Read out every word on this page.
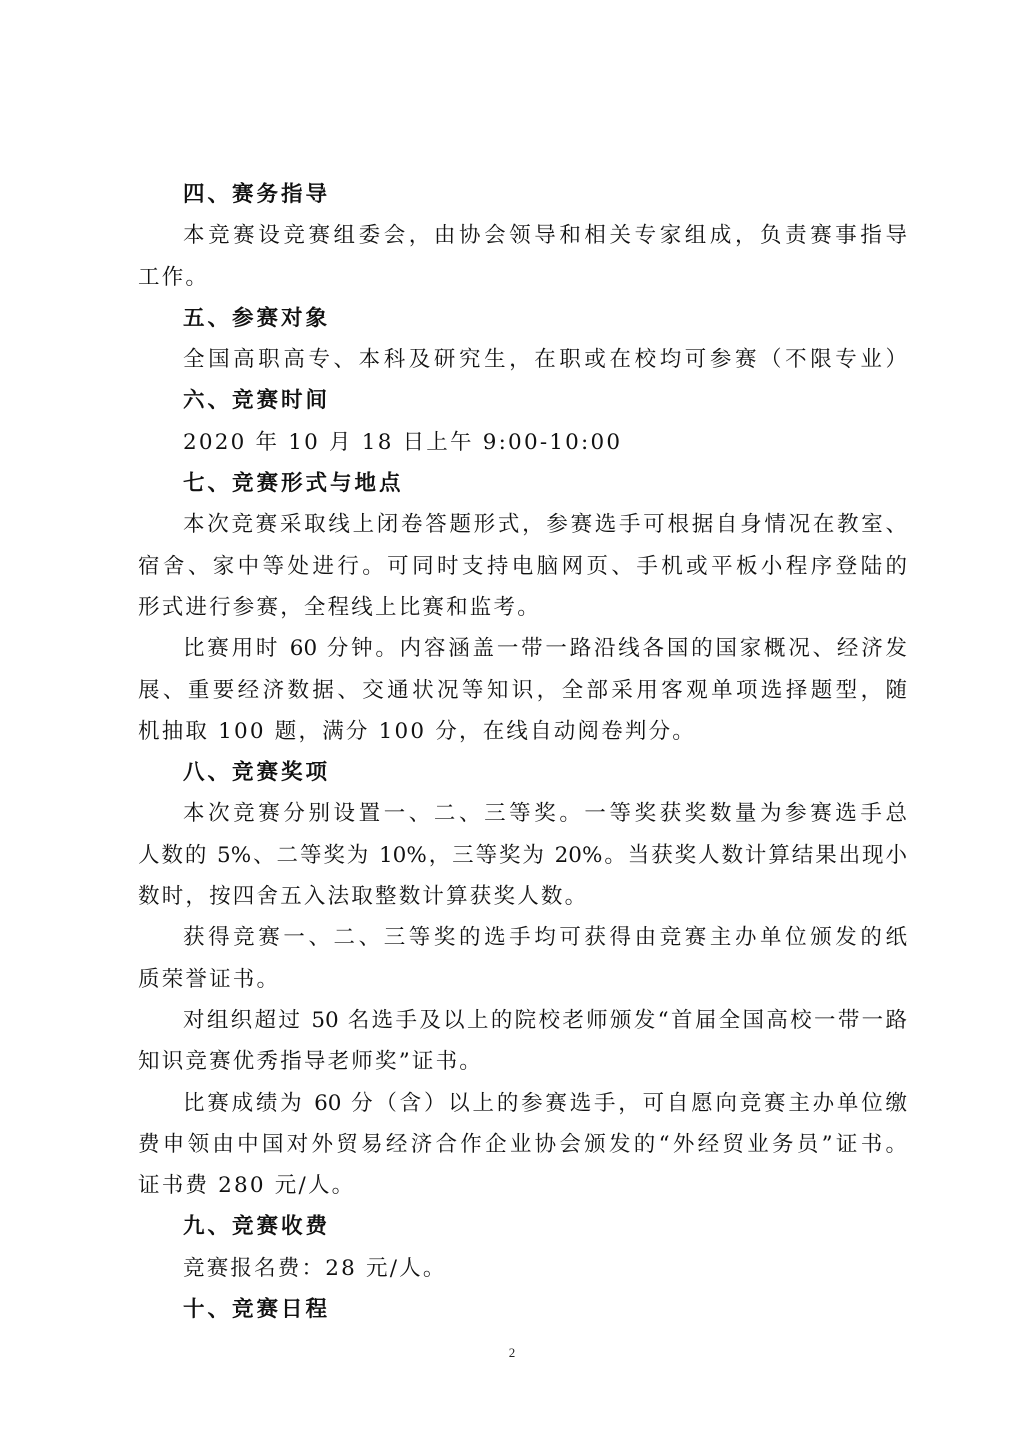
四、赛务指导
本竞赛设竞赛组委会，由协会领导和相关专家组成，负责赛事指导
工作。
五、参赛对象
全国高职高专、本科及研究生，在职或在校均可参赛（不限专业）
六、竞赛时间
2020 年 10 月 18 日上午 9:00-10:00
七、竞赛形式与地点
本次竞赛采取线上闭卷答题形式，参赛选手可根据自身情况在教室、
宿舍、家中等处进行。可同时支持电脑网页、手机或平板小程序登陆的
形式进行参赛，全程线上比赛和监考。
比赛用时 60 分钟。内容涵盖一带一路沿线各国的国家概况、经济发
展、重要经济数据、交通状况等知识，全部采用客观单项选择题型，随
机抽取 100 题，满分 100 分，在线自动阅卷判分。
八、竞赛奖项
本次竞赛分别设置一、二、三等奖。一等奖获奖数量为参赛选手总
人数的 5%、二等奖为 10%，三等奖为 20%。当获奖人数计算结果出现小
数时，按四舍五入法取整数计算获奖人数。
获得竞赛一、二、三等奖的选手均可获得由竞赛主办单位颁发的纸
质荣誉证书。
对组织超过 50 名选手及以上的院校老师颁发“首届全国高校一带一路
知识竞赛优秀指导老师奖”证书。
比赛成绩为 60 分（含）以上的参赛选手，可自愿向竞赛主办单位缴
费申领由中国对外贸易经济合作企业协会颁发的“外经贸业务员”证书。
证书费 280 元/人。
九、竞赛收费
竞赛报名费：28 元/人。
十、竞赛日程
2
